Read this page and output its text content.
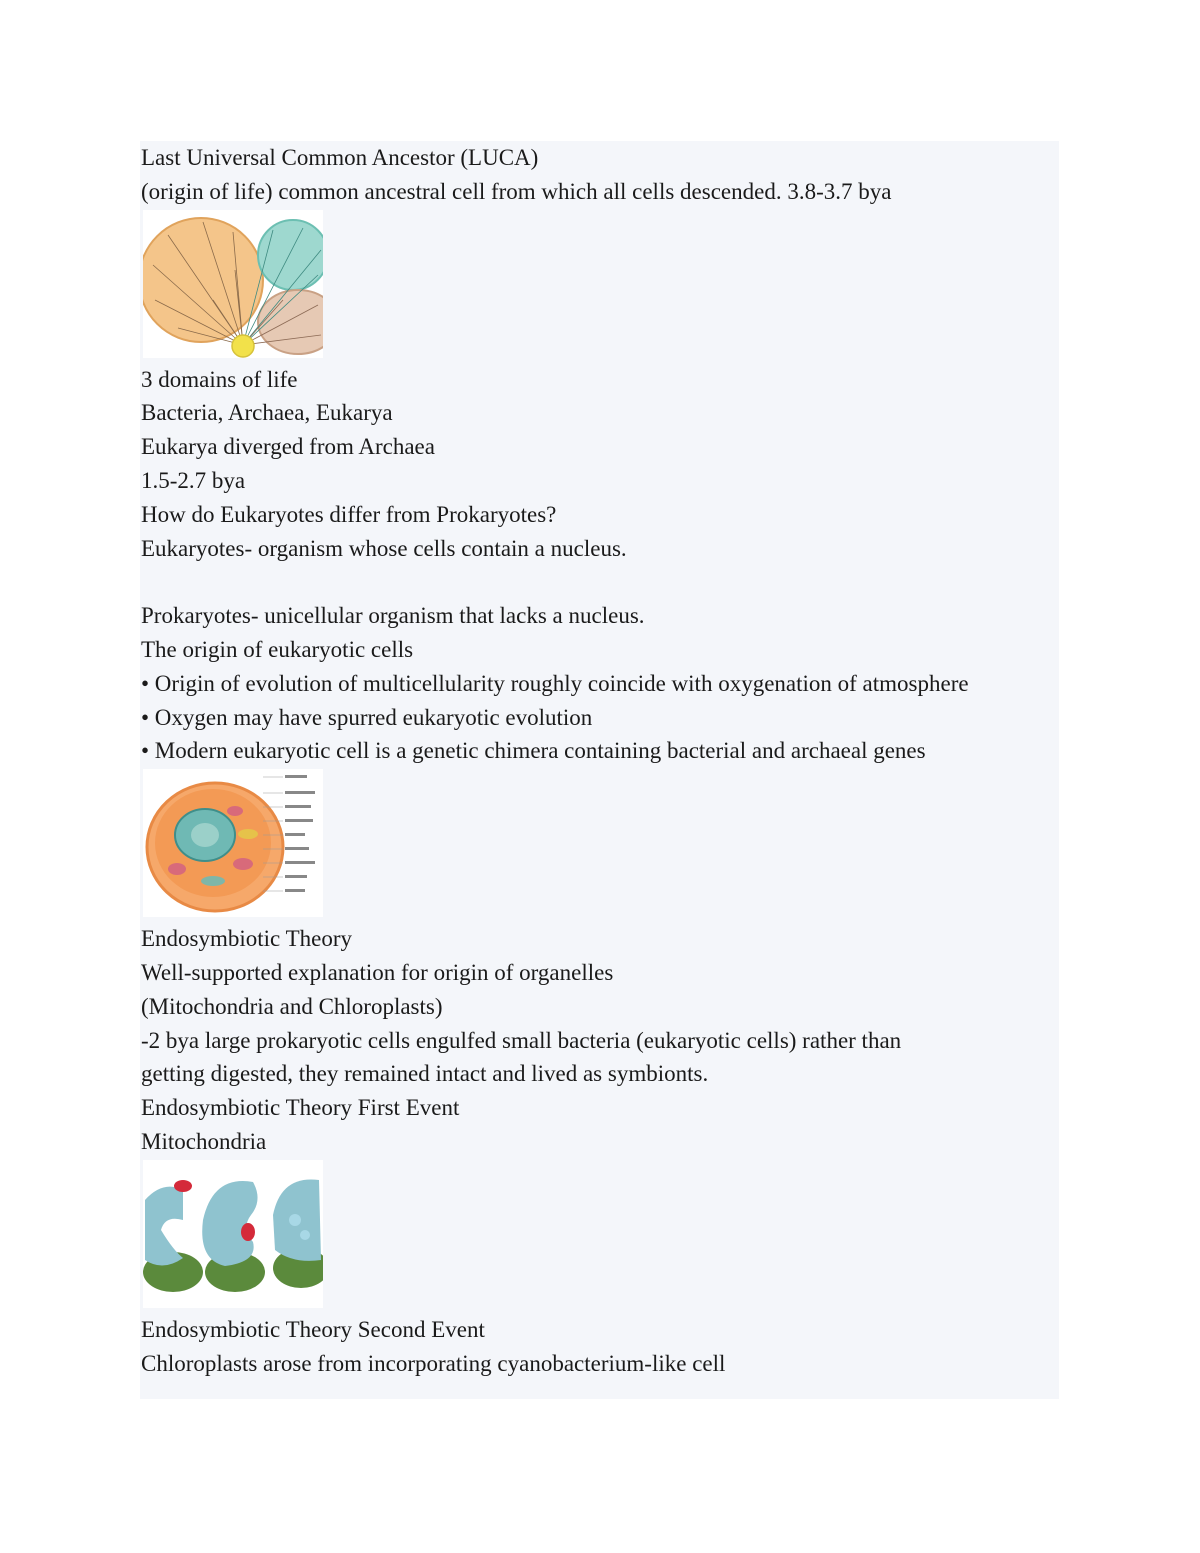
Last Universal Common Ancestor (LUCA)
(origin of life) common ancestral cell from which all cells descended. 3.8-3.7 bya
3 domains of life
Bacteria, Archaea, Eukarya
Eukarya diverged from Archaea
1.5-2.7 bya
How do Eukaryotes differ from Prokaryotes?
Eukaryotes- organism whose cells contain a nucleus.
Prokaryotes- unicellular organism that lacks a nucleus.
The origin of eukaryotic cells
• Origin of evolution of multicellularity roughly coincide with oxygenation of atmosphere
• Oxygen may have spurred eukaryotic evolution
• Modern eukaryotic cell is a genetic chimera containing bacterial and archaeal genes
Endosymbiotic Theory
Well-supported explanation for origin of organelles
(Mitochondria and Chloroplasts)
-2 bya large prokaryotic cells engulfed small bacteria (eukaryotic cells) rather than
getting digested, they remained intact and lived as symbionts.
Endosymbiotic Theory First Event
Mitochondria
Endosymbiotic Theory Second Event
Chloroplasts arose from incorporating cyanobacterium-like cell
